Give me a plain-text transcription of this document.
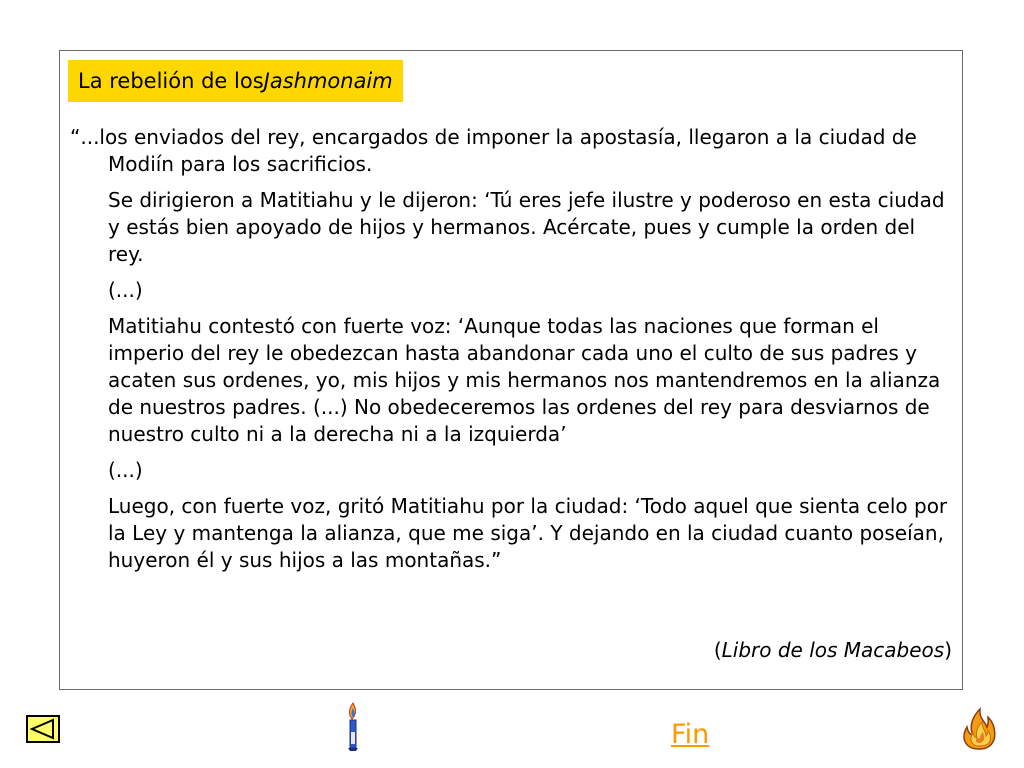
La rebelión de los Jashmonaim

“...los enviados del rey, encargados de imponer la apostasía, llegaron a la ciudad de Modiín para los sacrificios.

Se dirigieron a Matitiahu y le dijeron: ‘Tú eres jefe ilustre y poderoso en esta ciudad y estás bien apoyado de hijos y hermanos. Acércate, pues y cumple la orden del rey.

(...)

Matitiahu contestó con fuerte voz: ‘Aunque todas las naciones que forman el imperio del rey le obedezcan hasta abandonar cada uno el culto de sus padres y acaten sus ordenes, yo, mis hijos y mis hermanos nos mantendremos en la alianza de nuestros padres. (...) No obedeceremos las ordenes del rey para desviarnos de nuestro culto ni a la derecha ni a la izquierda’

(...)

Luego, con fuerte voz, gritó Matitiahu por la ciudad: ‘Todo aquel que sienta celo por la Ley y mantenga la alianza, que me siga’. Y dejando en la ciudad cuanto poseían, huyeron él y sus hijos a las montañas.”

(Libro de los Macabeos)
Fin
